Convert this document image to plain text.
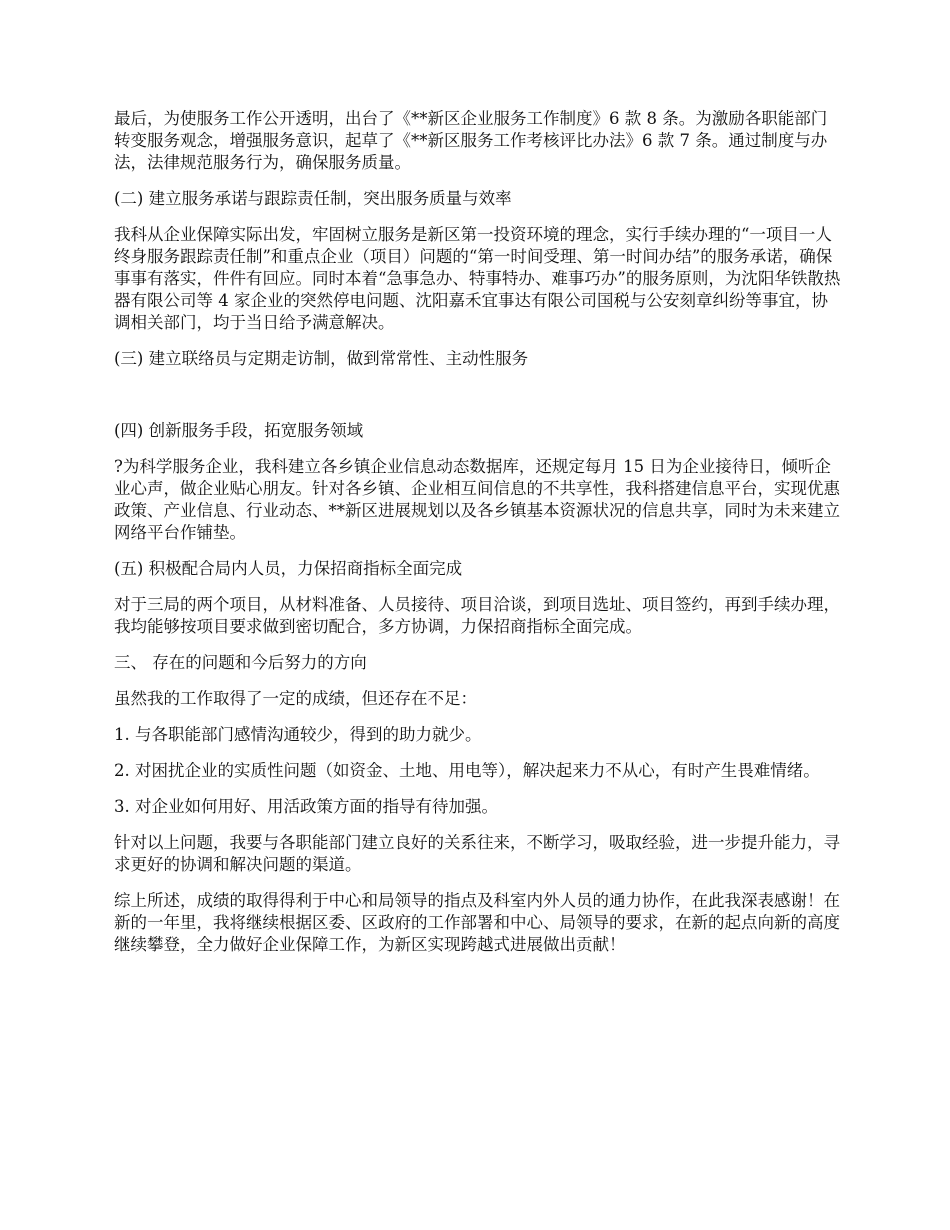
最后，为使服务工作公开透明，出台了《**新区企业服务工作制度》6 款 8 条。为激励各职能部门转变服务观念，增强服务意识，起草了《**新区服务工作考核评比办法》6 款 7 条。通过制度与办法，法律规范服务行为，确保服务质量。

(二) 建立服务承诺与跟踪责任制，突出服务质量与效率

我科从企业保障实际出发，牢固树立服务是新区第一投资环境的理念，实行手续办理的“一项目一人终身服务跟踪责任制”和重点企业（项目）问题的“第一时间受理、第一时间办结”的服务承诺，确保事事有落实，件件有回应。同时本着“急事急办、特事特办、难事巧办”的服务原则，为沈阳华铁散热器有限公司等 4 家企业的突然停电问题、沈阳嘉禾宜事达有限公司国税与公安刻章纠纷等事宜，协调相关部门，均于当日给予满意解决。

(三) 建立联络员与定期走访制，做到常常性、主动性服务

(四) 创新服务手段，拓宽服务领域

?为科学服务企业，我科建立各乡镇企业信息动态数据库，还规定每月 15 日为企业接待日，倾听企业心声，做企业贴心朋友。针对各乡镇、企业相互间信息的不共享性，我科搭建信息平台，实现优惠政策、产业信息、行业动态、**新区进展规划以及各乡镇基本资源状况的信息共享，同时为未来建立网络平台作铺垫。

(五) 积极配合局内人员，力保招商指标全面完成

对于三局的两个项目，从材料准备、人员接待、项目洽谈，到项目选址、项目签约，再到手续办理，我均能够按项目要求做到密切配合，多方协调，力保招商指标全面完成。

三、 存在的问题和今后努力的方向

虽然我的工作取得了一定的成绩，但还存在不足：

1. 与各职能部门感情沟通较少，得到的助力就少。

2. 对困扰企业的实质性问题（如资金、土地、用电等），解决起来力不从心，有时产生畏难情绪。

3. 对企业如何用好、用活政策方面的指导有待加强。

针对以上问题，我要与各职能部门建立良好的关系往来，不断学习，吸取经验，进一步提升能力，寻求更好的协调和解决问题的渠道。

综上所述，成绩的取得得利于中心和局领导的指点及科室内外人员的通力协作，在此我深表感谢！在新的一年里，我将继续根据区委、区政府的工作部署和中心、局领导的要求，在新的起点向新的高度继续攀登，全力做好企业保障工作，为新区实现跨越式进展做出贡献！
